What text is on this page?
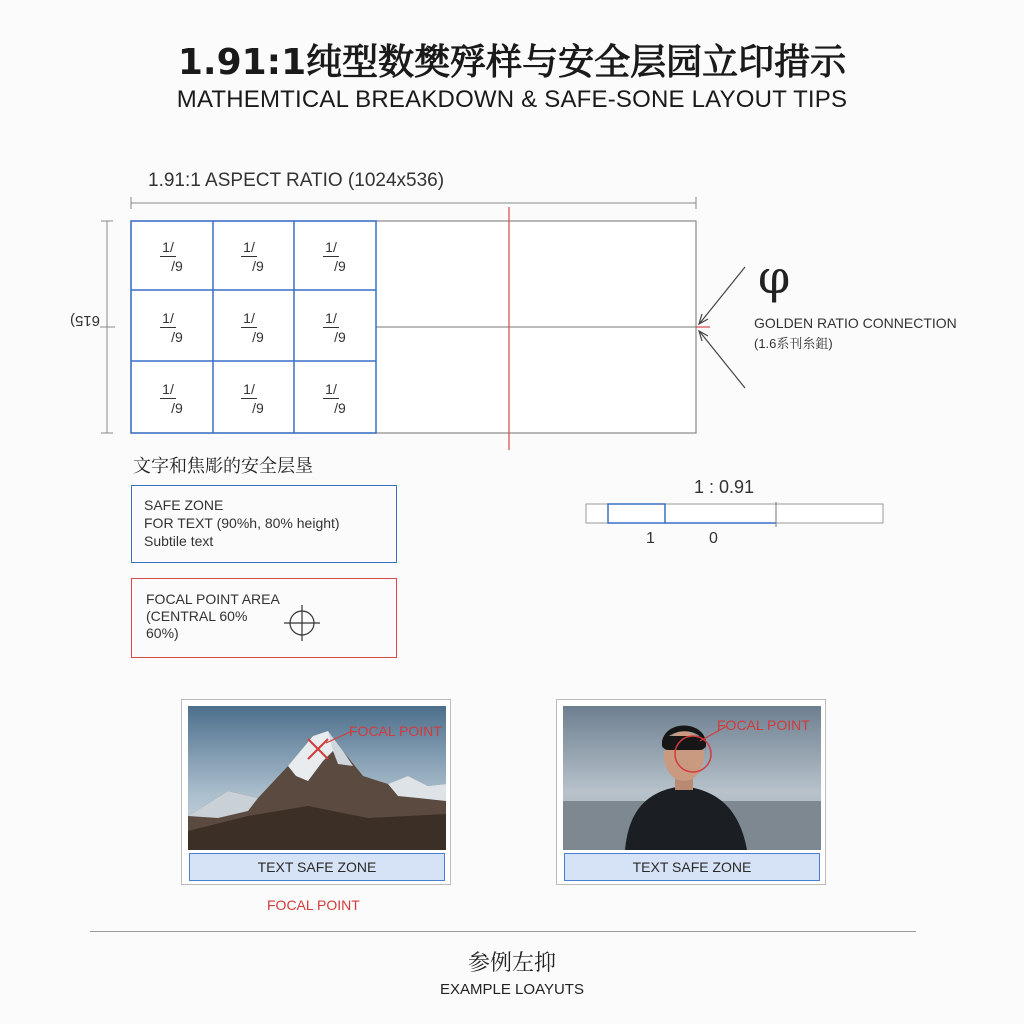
1.91:1纯型数樊殍样与安全层园立印措示
MATHEMTICAL BREAKDOWN & SAFE-SONE LAYOUT TIPS
1.91:1 ASPECT RATIO (1024x536)
615)
1/
/9
1/
/9
1/
/9
1/
/9
1/
/9
1/
/9
1/
/9
1/
/9
1/
/9
φ
GOLDEN RATIO CONNECTION
(1.6系刊糸鉏)
文字和焦彫的安全层垦
SAFE ZONE
FOR TEXT (90%h, 80% height)
Subtile text
FOCAL POINT AREA
(CENTRAL 60%
60%)
1 : 0.91
1	0
FOCAL POINT
TEXT SAFE ZONE
FOCAL POINT
FOCAL POINT
TEXT SAFE ZONE
参例左抑
EXAMPLE LOAYUTS
